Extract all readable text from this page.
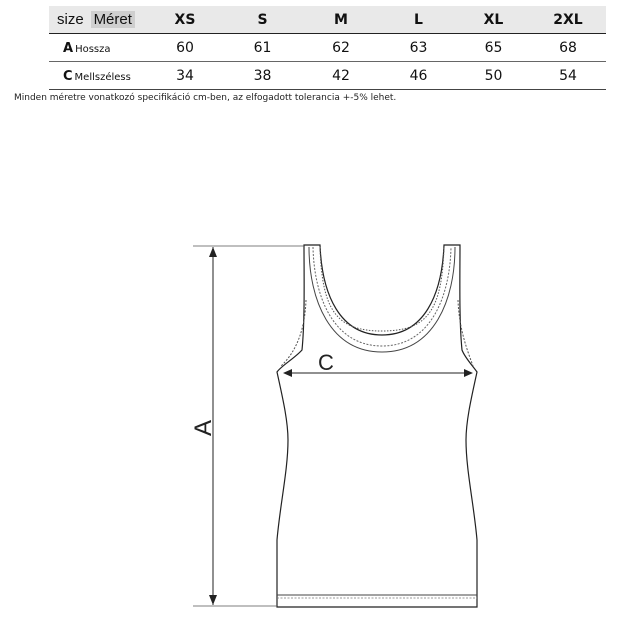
size Méret	XS	S	M	L	XL	2XL
A Hossza	60	61	62	63	65	68
C Mellszéless	34	38	42	46	50	54
Minden méretre vonatkozó specifikáció cm-ben, az elfogadott tolerancia +-5% lehet.
A
C
